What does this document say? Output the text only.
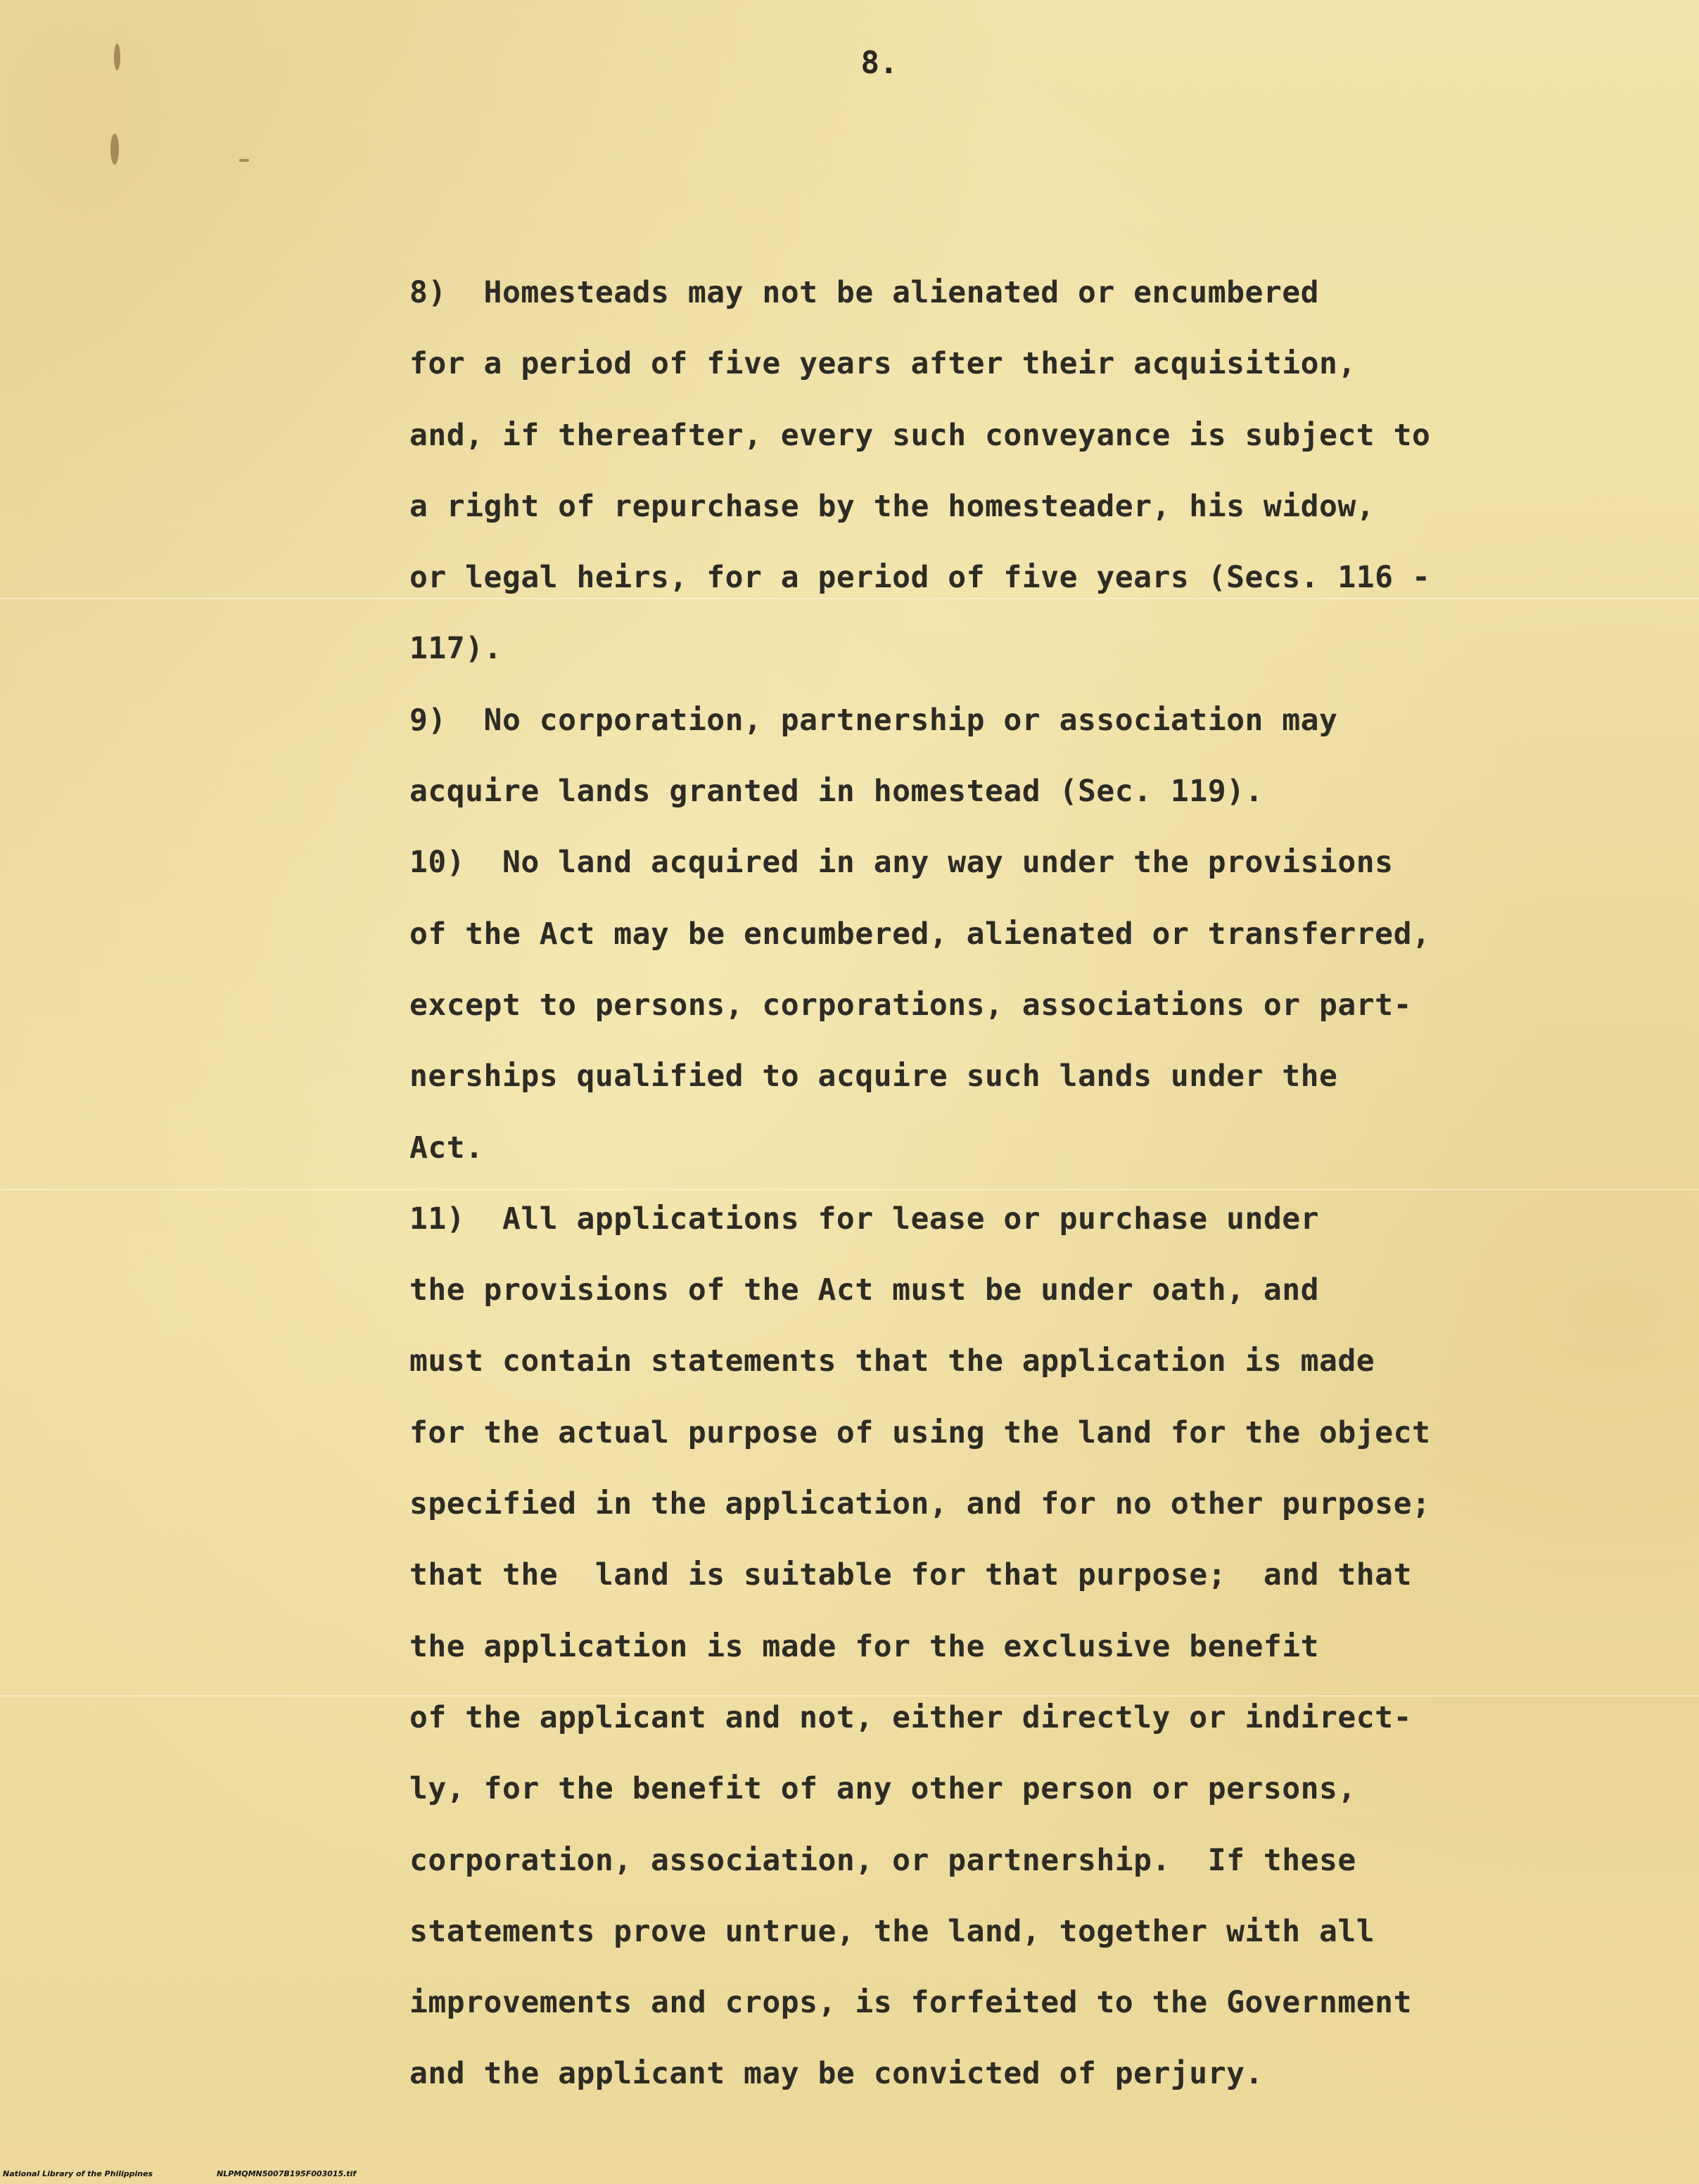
8.
8)  Homesteads may not be alienated or encumbered
for a period of five years after their acquisition,
and, if thereafter, every such conveyance is subject to
a right of repurchase by the homesteader, his widow,
or legal heirs, for a period of five years (Secs. 116 -
117).
9)  No corporation, partnership or association may
acquire lands granted in homestead (Sec. 119).
10)  No land acquired in any way under the provisions
of the Act may be encumbered, alienated or transferred,
except to persons, corporations, associations or part-
nerships qualified to acquire such lands under the
Act.
11)  All applications for lease or purchase under
the provisions of the Act must be under oath, and
must contain statements that the application is made
for the actual purpose of using the land for the object
specified in the application, and for no other purpose;
that the  land is suitable for that purpose;  and that
the application is made for the exclusive benefit
of the applicant and not, either directly or indirect-
ly, for the benefit of any other person or persons,
corporation, association, or partnership.  If these
statements prove untrue, the land, together with all
improvements and crops, is forfeited to the Government
and the applicant may be convicted of perjury.
National Library of the Philippines	NLPMQMN5007B195F003015.tif
